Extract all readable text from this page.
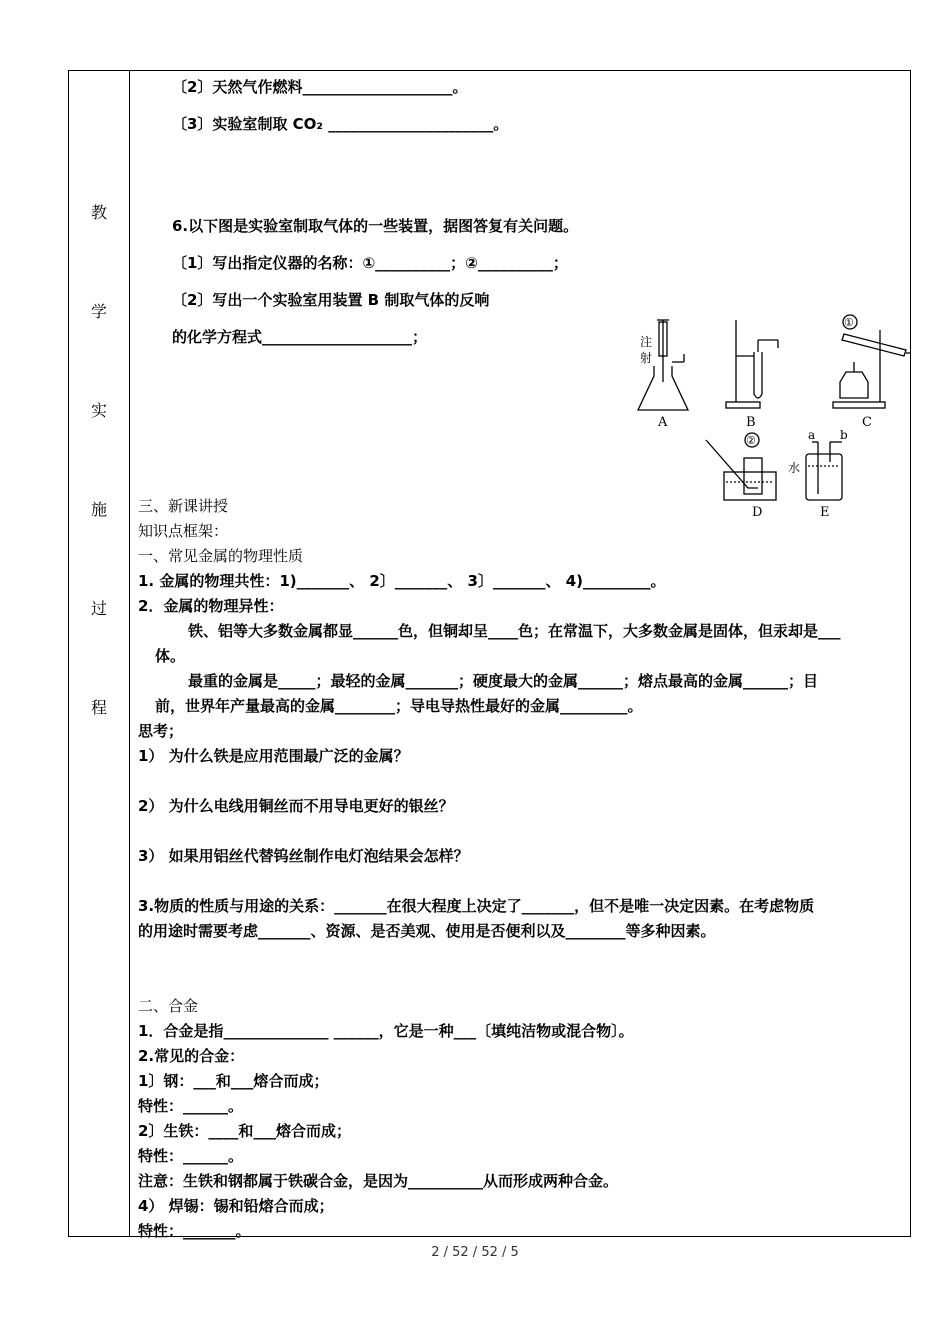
教
学
实
施
过
程
〔2〕天然气作燃料____________________。
〔3〕实验室制取 CO₂ ______________________。
6.以下图是实验室制取气体的一些装置，据图答复有关问题。
〔1〕写出指定仪器的名称：①__________；②__________；
〔2〕写出一个实验室用装置 B 制取气体的反响
的化学方程式____________________；
三、新课讲授
知识点框架：
一、常见金属的物理性质
1. 金属的物理共性：1)_______、 2〕_______、 3〕_______、 4)_________。
2．金属的物理异性：
铁、铝等大多数金属都显______色，但铜却呈____色；在常温下，大多数金属是固体，但汞却是___
体。
最重的金属是_____；最轻的金属_______；硬度最大的金属______；熔点最高的金属______；目
前，世界年产量最高的金属________；导电导热性最好的金属_________。
思考；
1） 为什么铁是应用范围最广泛的金属？
2） 为什么电线用铜丝而不用导电更好的银丝？
3） 如果用铝丝代替钨丝制作电灯泡结果会怎样？
3.物质的性质与用途的关系：_______在很大程度上决定了_______，但不是唯一决定因素。在考虑物质
的用途时需要考虑_______、资源、是否美观、使用是否便利以及________等多种因素。
二、合金
1．合金是指______________ ______，它是一种___〔填纯洁物或混合物〕。
2.常见的合金：
1〕钢：___和___熔合而成；
特性：______。
2〕生铁：____和___熔合而成；
特性：______。
注意：生铁和钢都属于铁碳合金，是因为__________从而形成两种合金。
4） 焊锡：锡和铅熔合而成；
特性：_______。
A	B	C
D	E
注
射
①
②	a b
水
2 / 52 / 52 / 5
